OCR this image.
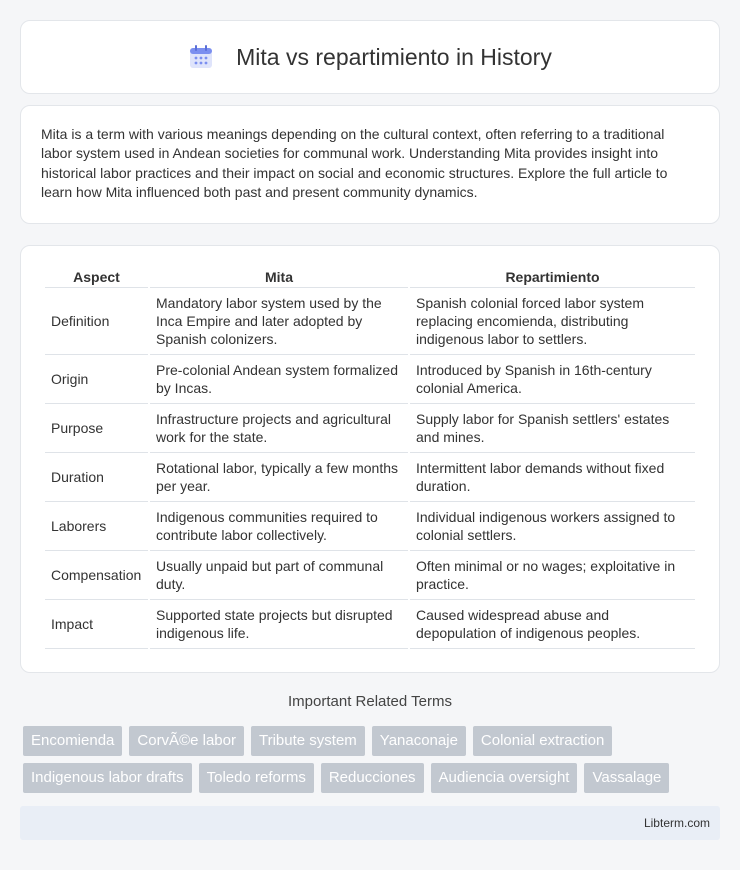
Mita vs repartimiento in History

Mita is a term with various meanings depending on the cultural context, often referring to a traditional labor system used in Andean societies for communal work. Understanding Mita provides insight into historical labor practices and their impact on social and economic structures. Explore the full article to learn how Mita influenced both past and present community dynamics.

Aspect	Mita	Repartimiento
Definition	Mandatory labor system used by the Inca Empire and later adopted by Spanish colonizers.	Spanish colonial forced labor system replacing encomienda, distributing indigenous labor to settlers.
Origin	Pre-colonial Andean system formalized by Incas.	Introduced by Spanish in 16th-century colonial America.
Purpose	Infrastructure projects and agricultural work for the state.	Supply labor for Spanish settlers' estates and mines.
Duration	Rotational labor, typically a few months per year.	Intermittent labor demands without fixed duration.
Laborers	Indigenous communities required to contribute labor collectively.	Individual indigenous workers assigned to colonial settlers.
Compensation	Usually unpaid but part of communal duty.	Often minimal or no wages; exploitative in practice.
Impact	Supported state projects but disrupted indigenous life.	Caused widespread abuse and depopulation of indigenous peoples.
Important Related Terms
Encomienda	CorvÃ©e labor	Tribute system	Yanaconaje	Colonial extraction
Indigenous labor drafts	Toledo reforms	Reducciones	Audiencia oversight	Vassalage
Libterm.com
